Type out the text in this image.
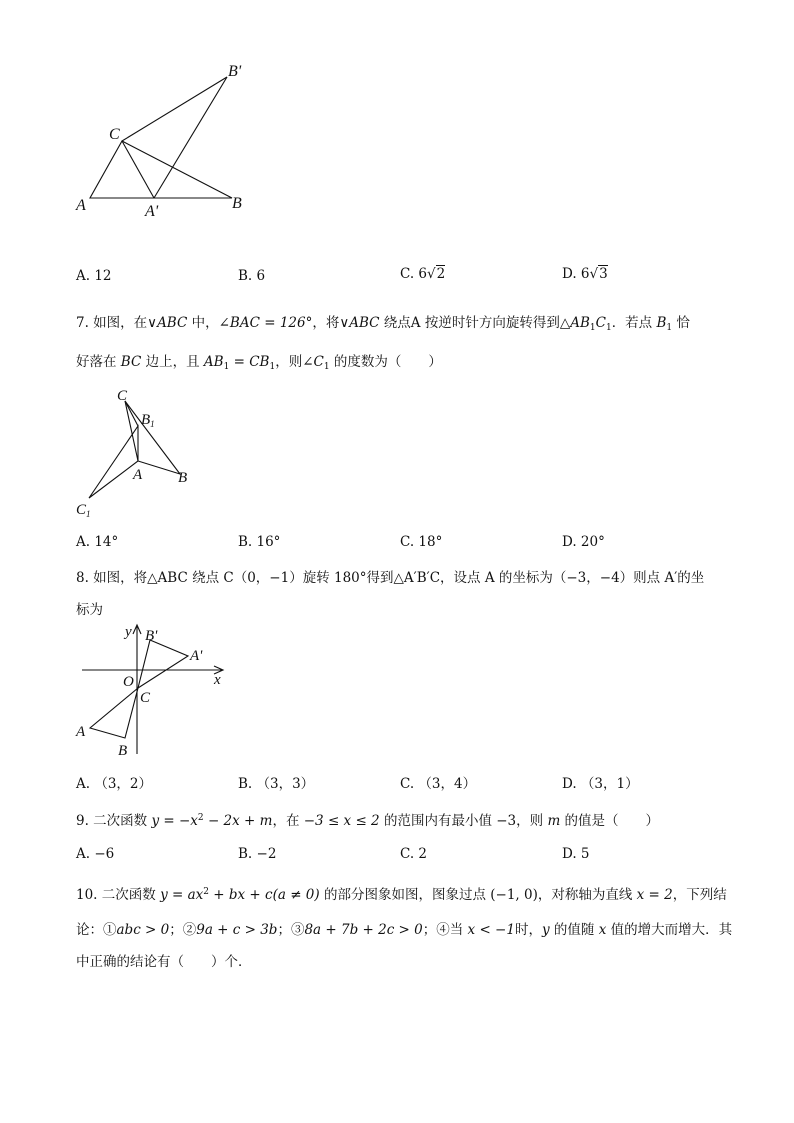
A	B
C
A'
B'
A. 12	B. 6	C. 6√2	D. 6√3
7. 如图，在∨ABC 中，∠BAC = 126°，将∨ABC 绕点A 按逆时针方向旋转得到$\triangle AB_1C_1$．若点 $B_1$ 恰
好落在 BC 边上，且 $AB_1 = CB_1$，则$\angle C_1$ 的度数为（　　）
C
$B_1$
A B
$C_1$
A. 14°	B. 16°	C. 18°	D. 20°
8. 如图，将△ABC 绕点 C（0，−1）旋转 180°得到△A′B′C，设点 A 的坐标为（−3，−4）则点 A′的坐
标为
y
x
O
C
A
B
A'
B'
A. （3，2）	B. （3，3）	C. （3，4）	D. （3，1）
9. 二次函数 $y = -x^2 - 2x + m$，在 −3 ≤ x ≤ 2 的范围内有最小值 −3，则 m 的值是（　　）
A. −6	B. −2	C. 2	D. 5
10. 二次函数 $y = ax^2$ + bx + c(a ≠ 0) 的部分图象如图，图象过点 (−1, 0)，对称轴为直线 x = 2，下列结
论：①abc > 0；②9a + c > 3b；③8a + 7b + 2c > 0；④当 x < −1时，y 的值随 x 值的增大而增大．其
中正确的结论有（　　）个．
